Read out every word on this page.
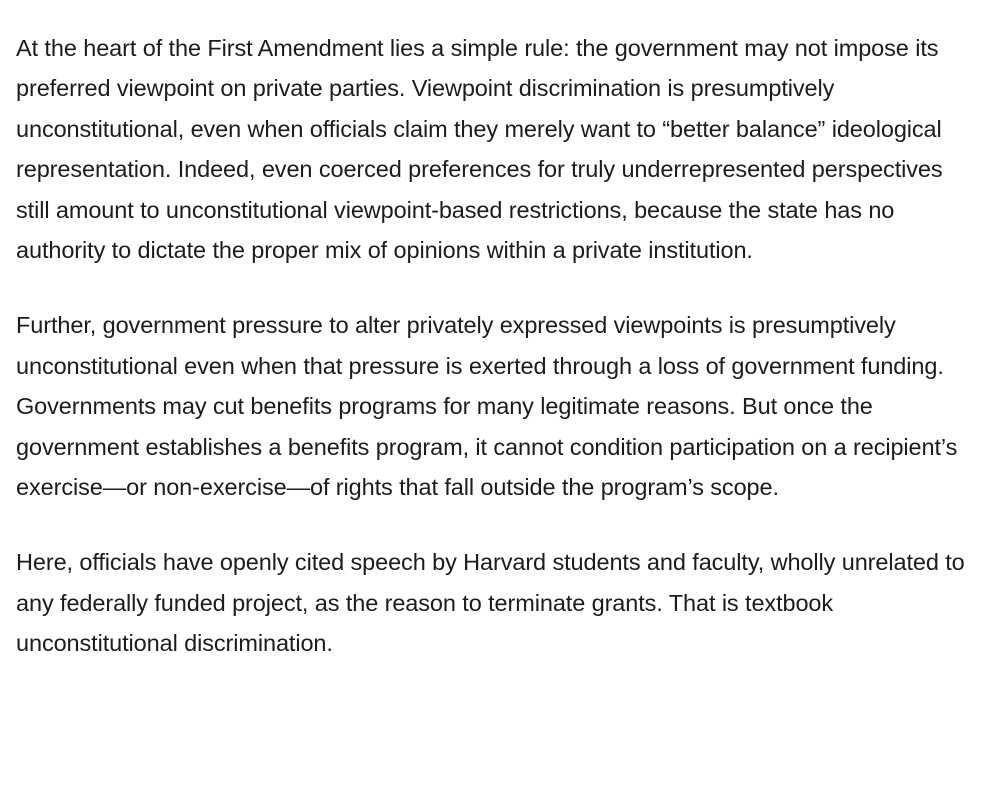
At the heart of the First Amendment lies a simple rule: the government may not impose its preferred viewpoint on private parties. Viewpoint discrimination is presumptively unconstitutional, even when officials claim they merely want to “better balance” ideological representation. Indeed, even coerced preferences for truly underrepresented perspectives still amount to unconstitutional viewpoint-based restrictions, because the state has no authority to dictate the proper mix of opinions within a private institution.

Further, government pressure to alter privately expressed viewpoints is presumptively unconstitutional even when that pressure is exerted through a loss of government funding. Governments may cut benefits programs for many legitimate reasons. But once the government establishes a benefits program, it cannot condition participation on a recipient’s exercise—or non-exercise—of rights that fall outside the program’s scope.

Here, officials have openly cited speech by Harvard students and faculty, wholly unrelated to any federally funded project, as the reason to terminate grants. That is textbook unconstitutional discrimination.
